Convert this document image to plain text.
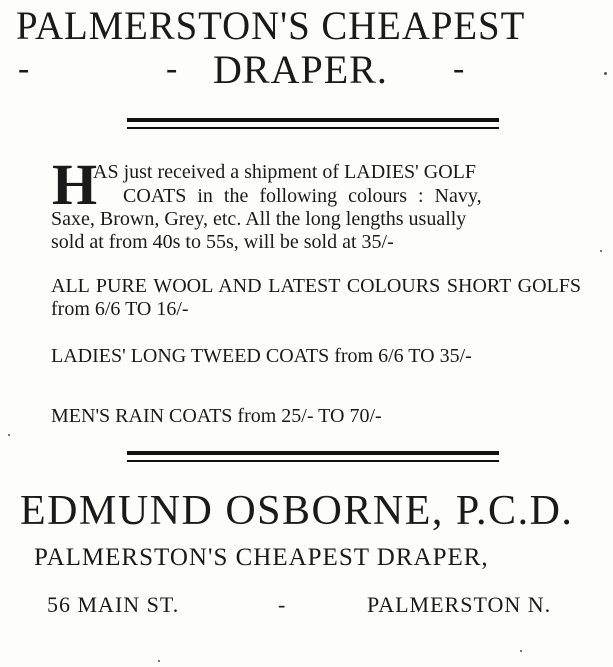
PALMERSTON'S CHEAPEST
-	- DRAPER. -
H
AS just received a shipment of LADIES' GOLF
COATS in the following colours : Navy,
Saxe, Brown, Grey, etc. All the long lengths usually
sold at from 40s to 55s, will be sold at 35/-
ALL PURE WOOL AND LATEST COLOURS SHORT GOLFS from 6/6 TO 16/-
LADIES' LONG TWEED COATS from 6/6 TO 35/-
MEN'S RAIN COATS from 25/- TO 70/-
EDMUND OSBORNE, P.C.D.
PALMERSTON'S CHEAPEST DRAPER,
56 MAIN ST.	-	PALMERSTON N.
